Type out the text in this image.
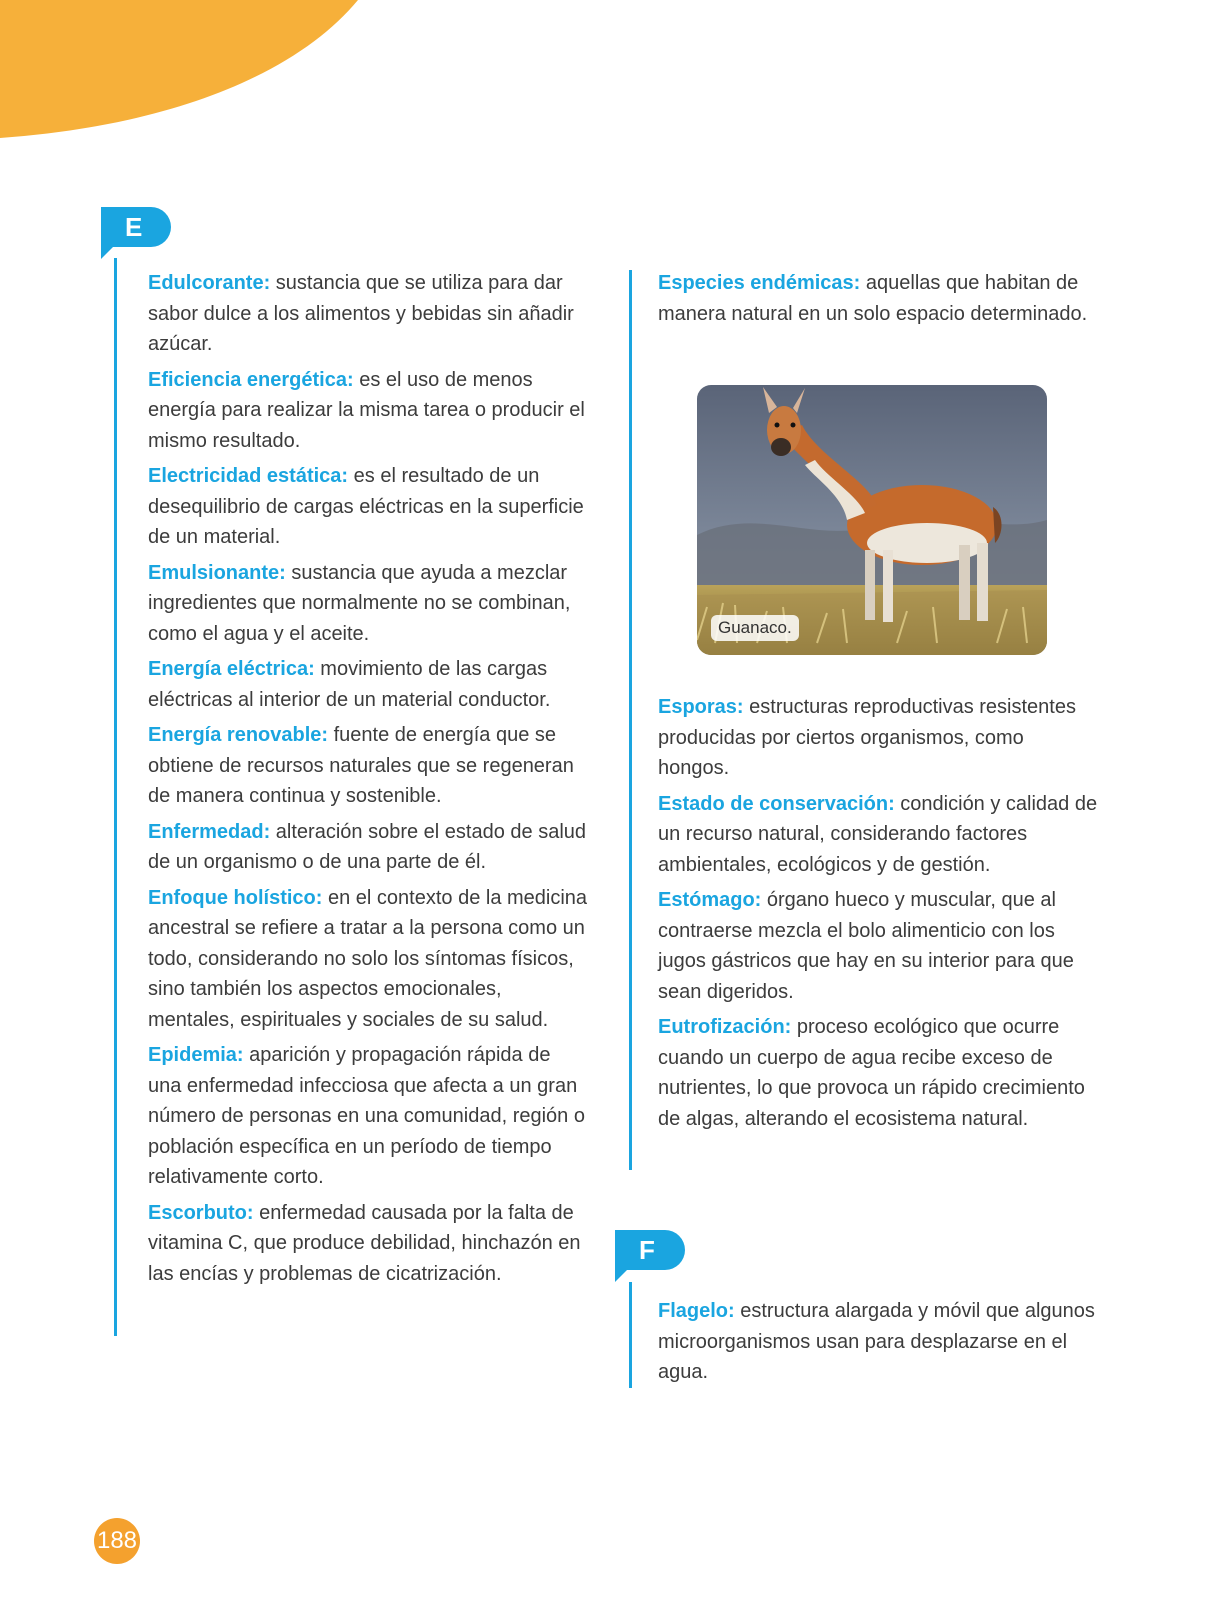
E

Edulcorante: sustancia que se utiliza para dar sabor dulce a los alimentos y bebidas sin añadir azúcar.

Eficiencia energética: es el uso de menos energía para realizar la misma tarea o producir el mismo resultado.

Electricidad estática: es el resultado de un desequilibrio de cargas eléctricas en la superficie de un material.

Emulsionante: sustancia que ayuda a mezclar ingredientes que normalmente no se combinan, como el agua y el aceite.

Energía eléctrica: movimiento de las cargas eléctricas al interior de un material conductor.

Energía renovable: fuente de energía que se obtiene de recursos naturales que se regeneran de manera continua y sostenible.

Enfermedad: alteración sobre el estado de salud de un organismo o de una parte de él.

Enfoque holístico: en el contexto de la medicina ancestral se refiere a tratar a la persona como un todo, considerando no solo los síntomas físicos, sino también los aspectos emocionales, mentales, espirituales y sociales de su salud.

Epidemia: aparición y propagación rápida de una enfermedad infecciosa que afecta a un gran número de personas en una comunidad, región o población específica en un período de tiempo relativamente corto.

Escorbuto: enfermedad causada por la falta de vitamina C, que produce debilidad, hinchazón en las encías y problemas de cicatrización.

Especies endémicas: aquellas que habitan de manera natural en un solo espacio determinado.

Guanaco.

Esporas: estructuras reproductivas resistentes producidas por ciertos organismos, como hongos.

Estado de conservación: condición y calidad de un recurso natural, considerando factores ambientales, ecológicos y de gestión.

Estómago: órgano hueco y muscular, que al contraerse mezcla el bolo alimenticio con los jugos gástricos que hay en su interior para que sean digeridos.

Eutrofización: proceso ecológico que ocurre cuando un cuerpo de agua recibe exceso de nutrientes, lo que provoca un rápido crecimiento de algas, alterando el ecosistema natural.

F

Flagelo: estructura alargada y móvil que algunos microorganismos usan para desplazarse en el agua.

188
